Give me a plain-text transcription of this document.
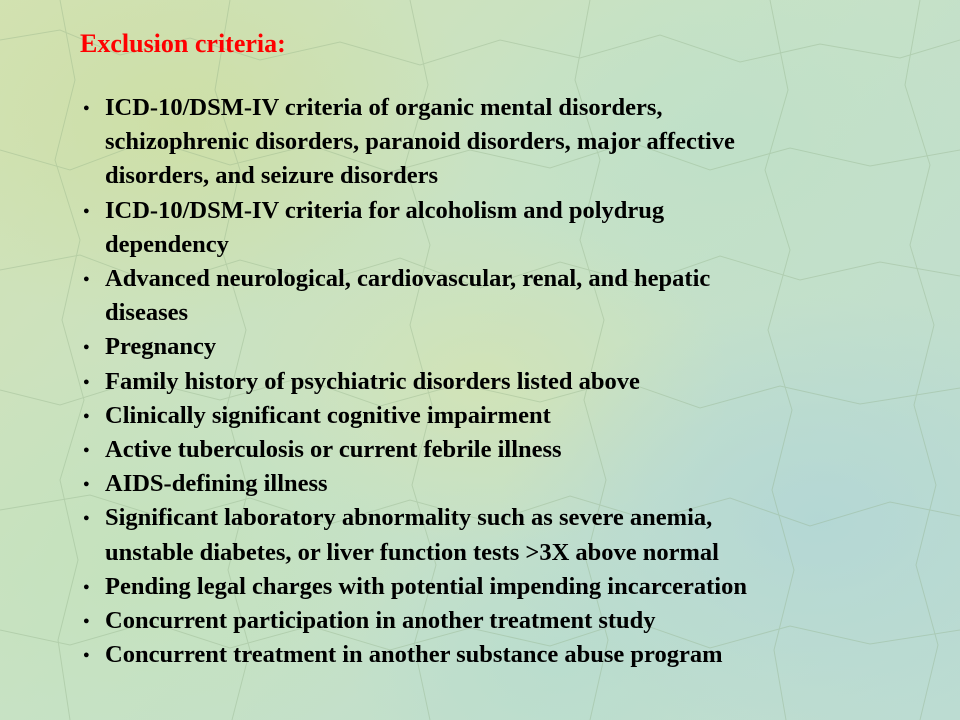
Exclusion criteria:
● ICD-10/DSM-IV criteria of organic mental disorders,
schizophrenic disorders, paranoid disorders, major affective
disorders, and seizure disorders
● ICD-10/DSM-IV criteria for alcoholism and polydrug
dependency
● Advanced neurological, cardiovascular, renal, and hepatic
diseases
● Pregnancy
● Family history of psychiatric disorders listed above
● Clinically significant cognitive impairment
● Active tuberculosis or current febrile illness
● AIDS-defining illness
● Significant laboratory abnormality such as severe anemia,
unstable diabetes, or liver function tests >3X above normal
● Pending legal charges with potential impending incarceration
● Concurrent participation in another treatment study
● Concurrent treatment in another substance abuse program
